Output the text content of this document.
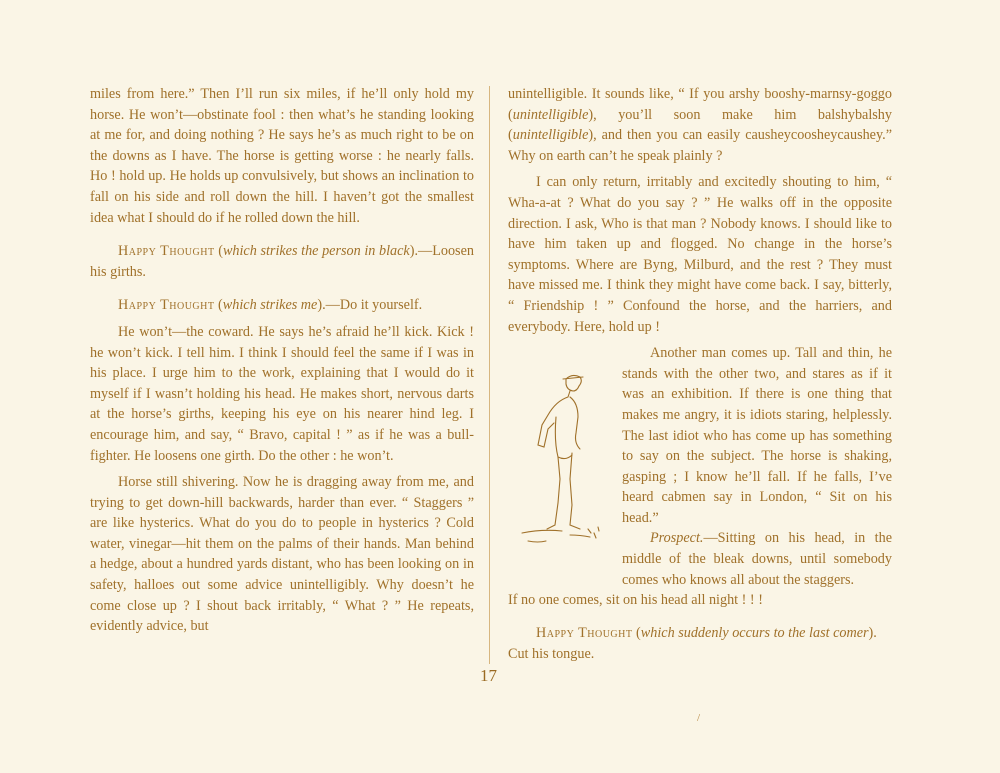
miles from here.” Then I’ll run six miles, if he’ll only hold my horse. He won’t—obstinate fool : then what’s he standing looking at me for, and doing nothing ? He says he’s as much right to be on the downs as I have. The horse is getting worse : he nearly falls. Ho ! hold up. He holds up convulsively, but shows an inclination to fall on his side and roll down the hill. I haven’t got the smallest idea what I should do if he rolled down the hill.

Happy Thought (which strikes the person in black).—Loosen his girths.

Happy Thought (which strikes me).—Do it yourself.

He won’t—the coward. He says he’s afraid he’ll kick. Kick ! he won’t kick. I tell him. I think I should feel the same if I was in his place. I urge him to the work, explaining that I would do it myself if I wasn’t holding his head. He makes short, nervous darts at the horse’s girths, keeping his eye on his nearer hind leg. I encourage him, and say, “ Bravo, capital ! ” as if he was a bull-fighter. He loosens one girth. Do the other : he won’t.

Horse still shivering. Now he is dragging away from me, and trying to get down-hill backwards, harder than ever. “ Staggers ” are like hysterics. What do you do to people in hysterics ? Cold water, vinegar—hit them on the palms of their hands. Man behind a hedge, about a hundred yards distant, who has been looking on in safety, halloes out some advice unintelligibly. Why doesn’t he come close up ? I shout back irritably, “ What ? ” He repeats, evidently advice, but

unintelligible. It sounds like, “ If you arshy booshy-marnsy-goggo (unintelligible), you’ll soon make him balshybalshy (unintelligible), and then you can easily causheycoosheycaushey.” Why on earth can’t he speak plainly ?

I can only return, irritably and excitedly shouting to him, “ Wha-a-at ? What do you say ? ” He walks off in the opposite direction. I ask, Who is that man ? Nobody knows. I should like to have him taken up and flogged. No change in the horse’s symptoms. Where are Byng, Milburd, and the rest ? They must have missed me. I think they might have come back. I say, bitterly, “ Friendship ! ” Confound the horse, and the harriers, and everybody. Here, hold up !

Another man comes up. Tall and thin, he stands with the other two, and stares as if it was an exhibition. If there is one thing that makes me angry, it is idiots staring, helplessly. The last idiot who has come up has something to say on the subject. The horse is shaking, gasping ; I know he’ll fall. If he falls, I’ve heard cabmen say in London, “ Sit on his head.”

Prospect.—Sitting on his head, in the middle of the bleak downs, until somebody comes who knows all about the staggers.

If no one comes, sit on his head all night ! ! !

Happy Thought (which suddenly occurs to the last comer).
Cut his tongue.

17
/
